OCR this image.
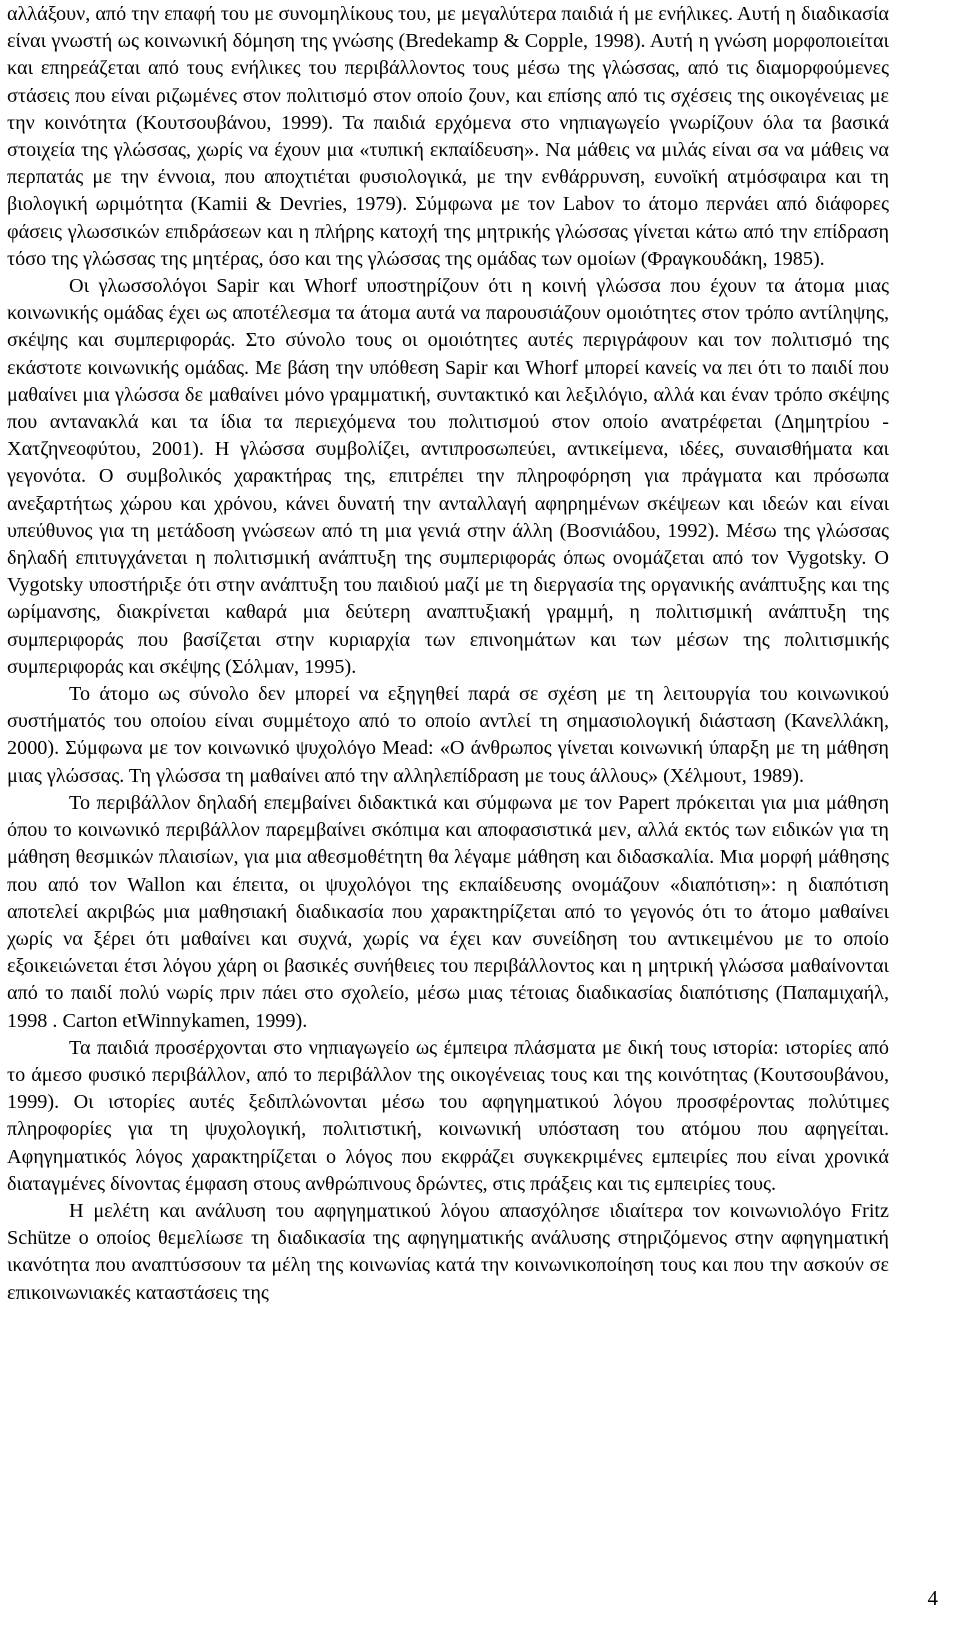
αλλάξουν, από την επαφή του με συνομηλίκους του, με μεγαλύτερα παιδιά ή με ενήλικες. Αυτή η διαδικασία είναι γνωστή ως κοινωνική δόμηση της γνώσης (Bredekamp & Copple, 1998). Αυτή η γνώση μορφοποιείται και επηρεάζεται από τους ενήλικες του περιβάλλοντος τους μέσω της γλώσσας, από τις διαμορφούμενες στάσεις που είναι ριζωμένες στον πολιτισμό στον οποίο ζουν, και επίσης από τις σχέσεις της οικογένειας με την κοινότητα (Κουτσουβάνου, 1999). Τα παιδιά ερχόμενα στο νηπιαγωγείο γνωρίζουν όλα τα βασικά στοιχεία της γλώσσας, χωρίς να έχουν μια «τυπική εκπαίδευση». Να μάθεις να μιλάς είναι σα να μάθεις να περπατάς με την έννοια, που αποχτιέται φυσιολογικά, με την ενθάρρυνση, ευνοϊκή ατμόσφαιρα και τη βιολογική ωριμότητα (Kamii & Devries, 1979). Σύμφωνα με τον Labov το άτομο περνάει από διάφορες φάσεις γλωσσικών επιδράσεων και η πλήρης κατοχή της μητρικής γλώσσας γίνεται κάτω από την επίδραση τόσο της γλώσσας της μητέρας, όσο και της γλώσσας της ομάδας των ομοίων (Φραγκουδάκη, 1985).

Οι γλωσσολόγοι Sapir και Whorf υποστηρίζουν ότι η κοινή γλώσσα που έχουν τα άτομα μιας κοινωνικής ομάδας έχει ως αποτέλεσμα τα άτομα αυτά να παρουσιάζουν ομοιότητες στον τρόπο αντίληψης, σκέψης και συμπεριφοράς. Στο σύνολο τους οι ομοιότητες αυτές περιγράφουν και τον πολιτισμό της εκάστοτε κοινωνικής ομάδας. Με βάση την υπόθεση Sapir και Whorf μπορεί κανείς να πει ότι το παιδί που μαθαίνει μια γλώσσα δε μαθαίνει μόνο γραμματική, συντακτικό και λεξιλόγιο, αλλά και έναν τρόπο σκέψης που αντανακλά και τα ίδια τα περιεχόμενα του πολιτισμού στον οποίο ανατρέφεται (Δημητρίου - Χατζηνεοφύτου, 2001). Η γλώσσα συμβολίζει, αντιπροσωπεύει, αντικείμενα, ιδέες, συναισθήματα και γεγονότα. Ο συμβολικός χαρακτήρας της, επιτρέπει την πληροφόρηση για πράγματα και πρόσωπα ανεξαρτήτως χώρου και χρόνου, κάνει δυνατή την ανταλλαγή αφηρημένων σκέψεων και ιδεών και είναι υπεύθυνος για τη μετάδοση γνώσεων από τη μια γενιά στην άλλη (Βοσνιάδου, 1992). Μέσω της γλώσσας δηλαδή επιτυγχάνεται η πολιτισμική ανάπτυξη της συμπεριφοράς όπως ονομάζεται από τον Vygotsky. Ο Vygotsky υποστήριξε ότι στην ανάπτυξη του παιδιού μαζί με τη διεργασία της οργανικής ανάπτυξης και της ωρίμανσης, διακρίνεται καθαρά μια δεύτερη αναπτυξιακή γραμμή, η πολιτισμική ανάπτυξη της συμπεριφοράς που βασίζεται στην κυριαρχία των επινοημάτων και των μέσων της πολιτισμικής συμπεριφοράς και σκέψης (Σόλμαν, 1995).

Το άτομο ως σύνολο δεν μπορεί να εξηγηθεί παρά σε σχέση με τη λειτουργία του κοινωνικού συστήματός του οποίου είναι συμμέτοχο από το οποίο αντλεί τη σημασιολογική διάσταση (Κανελλάκη, 2000). Σύμφωνα με τον κοινωνικό ψυχολόγο Mead: «Ο άνθρωπος γίνεται κοινωνική ύπαρξη με τη μάθηση μιας γλώσσας. Τη γλώσσα τη μαθαίνει από την αλληλεπίδραση με τους άλλους» (Χέλμουτ, 1989).

Το περιβάλλον δηλαδή επεμβαίνει διδακτικά και σύμφωνα με τον Papert πρόκειται για μια μάθηση όπου το κοινωνικό περιβάλλον παρεμβαίνει σκόπιμα και αποφασιστικά μεν, αλλά εκτός των ειδικών για τη μάθηση θεσμικών πλαισίων, για μια αθεσμοθέτητη θα λέγαμε μάθηση και διδασκαλία. Μια μορφή μάθησης που από τον Wallon και έπειτα, οι ψυχολόγοι της εκπαίδευσης ονομάζουν «διαπότιση»: η διαπότιση αποτελεί ακριβώς μια μαθησιακή διαδικασία που χαρακτηρίζεται από το γεγονός ότι το άτομο μαθαίνει χωρίς να ξέρει ότι μαθαίνει και συχνά, χωρίς να έχει καν συνείδηση του αντικειμένου με το οποίο εξοικειώνεται έτσι λόγου χάρη οι βασικές συνήθειες του περιβάλλοντος και η μητρική γλώσσα μαθαίνονται από το παιδί πολύ νωρίς πριν πάει στο σχολείο, μέσω μιας τέτοιας διαδικασίας διαπότισης (Παπαμιχαήλ, 1998 . Carton etWinnykamen, 1999).

Τα παιδιά προσέρχονται στο νηπιαγωγείο ως έμπειρα πλάσματα με δική τους ιστορία: ιστορίες από το άμεσο φυσικό περιβάλλον, από το περιβάλλον της οικογένειας τους και της κοινότητας (Κουτσουβάνου, 1999). Οι ιστορίες αυτές ξεδιπλώνονται μέσω του αφηγηματικού λόγου προσφέροντας πολύτιμες πληροφορίες για τη ψυχολογική, πολιτιστική, κοινωνική υπόσταση του ατόμου που αφηγείται. Αφηγηματικός λόγος χαρακτηρίζεται ο λόγος που εκφράζει συγκεκριμένες εμπειρίες που είναι χρονικά διαταγμένες δίνοντας έμφαση στους ανθρώπινους δρώντες, στις πράξεις και τις εμπειρίες τους.

Η μελέτη και ανάλυση του αφηγηματικού λόγου απασχόλησε ιδιαίτερα τον κοινωνιολόγο Fritz Schütze ο οποίος θεμελίωσε τη διαδικασία της αφηγηματικής ανάλυσης στηριζόμενος στην αφηγηματική ικανότητα που αναπτύσσουν τα μέλη της κοινωνίας κατά την κοινωνικοποίηση τους και που την ασκούν σε επικοινωνιακές καταστάσεις της

4
